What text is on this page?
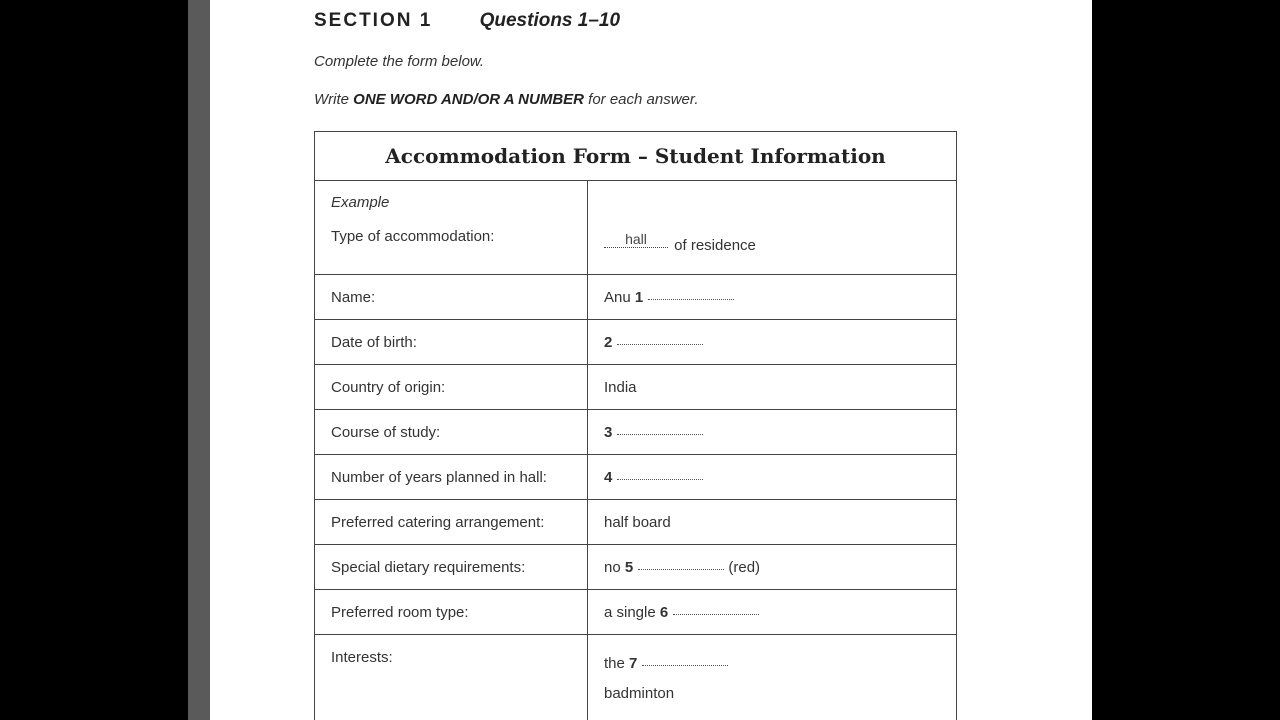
SECTION 1 Questions 1–10
Complete the form below.
Write ONE WORD AND/OR A NUMBER for each answer.
Accommodation Form – Student Information	

Example
Type of accommodation:	hall of residence

Name:	Anu 1
Date of birth:	2
Country of origin:	India
Course of study:	3
Number of years planned in hall:	4
Preferred catering arrangement:	half board
Special dietary requirements:	no 5 (red)
Preferred room type:	a single 6
Interests:	the 7
badminton
